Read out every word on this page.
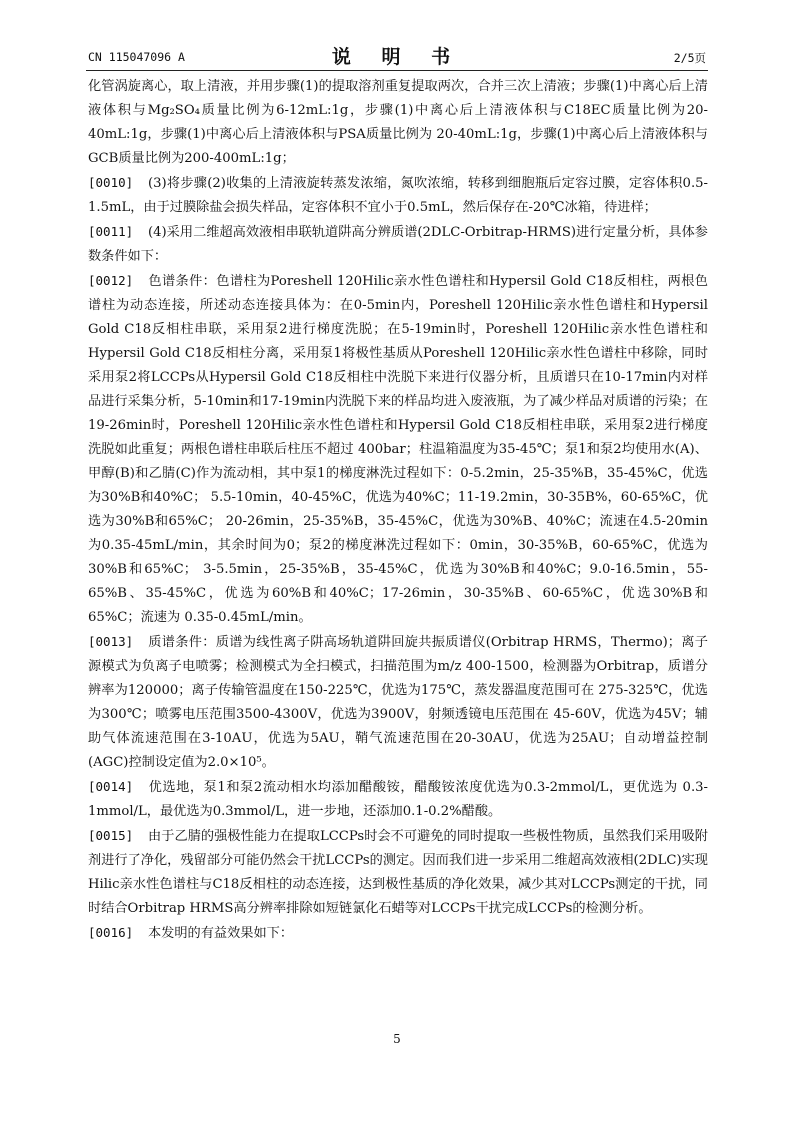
CN 115047096 A	说 明 书	2/5页

化管涡旋离心，取上清液，并用步骤(1)的提取溶剂重复提取两次，合并三次上清液；步骤(1)中离心后上清液体积与Mg₂SO₄质量比例为6-12mL:1g，步骤(1)中离心后上清液体积与C18EC质量比例为20-40mL:1g，步骤(1)中离心后上清液体积与PSA质量比例为 20-40mL:1g，步骤(1)中离心后上清液体积与GCB质量比例为200-400mL:1g；

[0010] (3)将步骤(2)收集的上清液旋转蒸发浓缩，氮吹浓缩，转移到细胞瓶后定容过膜，定容体积0.5-1.5mL，由于过膜除盐会损失样品，定容体积不宜小于0.5mL，然后保存在-20℃冰箱，待进样；

[0011] (4)采用二维超高效液相串联轨道阱高分辨质谱(2DLC-Orbitrap-HRMS)进行定量分析，具体参数条件如下：

[0012] 色谱条件：色谱柱为Poreshell 120Hilic亲水性色谱柱和Hypersil Gold C18反相柱，两根色谱柱为动态连接，所述动态连接具体为：在0-5min内，Poreshell 120Hilic亲水性色谱柱和Hypersil Gold C18反相柱串联，采用泵2进行梯度洗脱；在5-19min时，Poreshell 120Hilic亲水性色谱柱和Hypersil Gold C18反相柱分离，采用泵1将极性基质从Poreshell 120Hilic亲水性色谱柱中移除，同时采用泵2将LCCPs从Hypersil Gold C18反相柱中洗脱下来进行仪器分析，且质谱只在10-17min内对样品进行采集分析，5-10min和17-19min内洗脱下来的样品均进入废液瓶，为了减少样品对质谱的污染；在19-26min时，Poreshell 120Hilic亲水性色谱柱和Hypersil Gold C18反相柱串联，采用泵2进行梯度洗脱如此重复；两根色谱柱串联后柱压不超过 400bar；柱温箱温度为35-45℃；泵1和泵2均使用水(A)、甲醇(B)和乙腈(C)作为流动相，其中泵1的梯度淋洗过程如下：0-5.2min，25-35%B，35-45%C，优选为30%B和40%C； 5.5-10min，40-45%C，优选为40%C；11-19.2min，30-35B%，60-65%C，优选为30%B和65%C； 20-26min，25-35%B，35-45%C，优选为30%B、40%C；流速在4.5-20min为0.35-45mL/min，其余时间为0；泵2的梯度淋洗过程如下：0min，30-35%B，60-65%C，优选为30%B和65%C； 3-5.5min，25-35%B，35-45%C，优选为30%B和40%C；9.0-16.5min，55-65%B、35-45%C，优选为60%B和40%C；17-26min，30-35%B、60-65%C，优选30%B和65%C；流速为 0.35-0.45mL/min。

[0013] 质谱条件：质谱为线性离子阱高场轨道阱回旋共振质谱仪(Orbitrap HRMS，Thermo)；离子源模式为负离子电喷雾；检测模式为全扫模式，扫描范围为m/z 400-1500，检测器为Orbitrap，质谱分辨率为120000；离子传输管温度在150-225℃，优选为175℃，蒸发器温度范围可在 275-325℃，优选为300℃；喷雾电压范围3500-4300V，优选为3900V，射频透镜电压范围在 45-60V，优选为45V；辅助气体流速范围在3-10AU，优选为5AU，鞘气流速范围在20-30AU，优选为25AU；自动增益控制(AGC)控制设定值为2.0×10⁵。

[0014] 优选地，泵1和泵2流动相水均添加醋酸铵，醋酸铵浓度优选为0.3-2mmol/L，更优选为 0.3-1mmol/L，最优选为0.3mmol/L，进一步地，还添加0.1-0.2%醋酸。

[0015] 由于乙腈的强极性能力在提取LCCPs时会不可避免的同时提取一些极性物质，虽然我们采用吸附剂进行了净化，残留部分可能仍然会干扰LCCPs的测定。因而我们进一步采用二维超高效液相(2DLC)实现Hilic亲水性色谱柱与C18反相柱的动态连接，达到极性基质的净化效果，减少其对LCCPs测定的干扰，同时结合Orbitrap HRMS高分辨率排除如短链氯化石蜡等对LCCPs干扰完成LCCPs的检测分析。

[0016] 本发明的有益效果如下：

5
